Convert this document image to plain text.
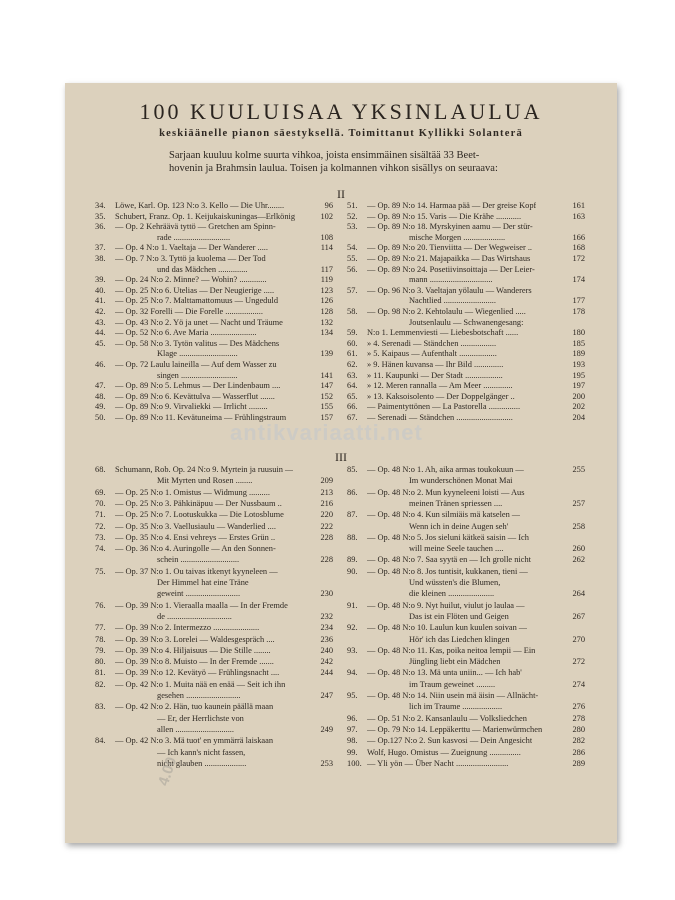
100 KUULUISAA YKSINLAULUA
keskiäänelle pianon säestyksellä. Toimittanut Kyllikki Solanterä
Sarjaan kuuluu kolme suurta vihkoa, joista ensimmäinen sisältää 33 Beet-
hovenin ja Brahmsin laulua. Toisen ja kolmannen vihkon sisällys on seuraava:
II
34. Löwe, Karl. Op. 123 N:o 3. Kello — Die Uhr........	96
35. Schubert, Franz. Op. 1. Keijukaiskuningas—Erlkönig	102
36. — Op. 2 Kehräävä tyttö — Gretchen am Spinn-
rade ...........................	108
37. — Op. 4 N:o 1. Vaeltaja — Der Wanderer .....	114
38. — Op. 7 N:o 3. Tyttö ja kuolema — Der Tod
und das Mädchen ..............	117
39. — Op. 24 N:o 2. Minne? — Wohin? .............	119
40. — Op. 25 N:o 6. Utelias — Der Neugierige .....	123
41. — Op. 25 N:o 7. Malttamattomuus — Ungeduld	126
42. — Op. 32 Forelli — Die Forelle ..................	128
43. — Op. 43 N:o 2. Yö ja unet — Nacht und Träume	132
44. — Op. 52 N:o 6. Ave Maria ......................	134
45. — Op. 58 N:o 3. Tytön valitus — Des Mädchens
Klage ............................	139
46. — Op. 72 Laulu laineilla — Auf dem Wasser zu
singen ...........................	141
47. — Op. 89 N:o 5. Lehmus — Der Lindenbaum ....	147
48. — Op. 89 N:o 6. Kevättulva — Wasserflut .......	152
49. — Op. 89 N:o 9. Virvaliekki — Irrlicht .........	155
50. — Op. 89 N:o 11. Kevätuneima — Frühlingstraum	157
51. — Op. 89 N:o 14. Harmaa pää — Der greise Kopf	161
52. — Op. 89 N:o 15. Varis — Die Krähe ............	163
53. — Op. 89 N:o 18. Myrskyinen aamu — Der stür-
mische Morgen ....................	166
54. — Op. 89 N:o 20. Tienviitta — Der Wegweiser ..	168
55. — Op. 89 N:o 21. Majapaikka — Das Wirtshaus	172
56. — Op. 89 N:o 24. Posetiivinsoittaja — Der Leier-
mann ..............................	174
57. — Op. 96 N:o 3. Vaeltajan yölaulu — Wanderers
Nachtlied .........................	177
58. — Op. 98 N:o 2. Kehtolaulu — Wiegenlied .....	178
Joutsenlaulu — Schwanengesang:
59. N:o 1. Lemmenviesti — Liebesbotschaft ......	180
60. » 4. Serenadi — Ständchen .................	185
61. » 5. Kaipaus — Aufenthalt ..................	189
62. » 9. Hänen kuvansa — Ihr Bild ..............	193
63. » 11. Kaupunki — Der Stadt ..................	195
64. » 12. Meren rannalla — Am Meer ..............	197
65. » 13. Kaksoisolento — Der Doppelgänger ..	200
66. — Paimentyttönen — La Pastorella ...............	202
67. — Serenadi — Ständchen ...........................	204
III
68. Schumann, Rob. Op. 24 N:o 9. Myrtein ja ruusuin —
Mit Myrten und Rosen ........	209
69. — Op. 25 N:o 1. Omistus — Widmung ..........	213
70. — Op. 25 N:o 3. Pähkinäpuu — Der Nussbaum ..	216
71. — Op. 25 N:o 7. Lootuskukka — Die Lotosblume	220
72. — Op. 35 N:o 3. Vaellusiaulu — Wanderlied ....	222
73. — Op. 35 N:o 4. Ensi vehreys — Erstes Grün ..	228
74. — Op. 36 N:o 4. Auringolle — An den Sonnen-
schein ............................	228
75. — Op. 37 N:o 1. Ou taivas itkenyt kyyneleen —
Der Himmel hat eine Träne
geweint ..........................	230
76. — Op. 39 N:o 1. Vieraalla maalla — In der Fremde
de ...............................	232
77. — Op. 39 N:o 2. Intermezzo ......................	234
78. — Op. 39 N:o 3. Lorelei — Waldesgespräch ....	236
79. — Op. 39 N:o 4. Hiljaisuus — Die Stille ........	240
80. — Op. 39 N:o 8. Muisto — In der Fremde .......	242
81. — Op. 39 N:o 12. Kevätyö — Frühlingsnacht ....	244
82. — Op. 42 N:o 1. Muita nää en enää — Seit ich ihn
gesehen ..........................	247
83. — Op. 42 N:o 2. Hän, tuo kaunein päällä maan
— Er, der Herrlichste von
allen ............................	249
84. — Op. 42 N:o 3. Mä tuot' en ymmärrä laiskaan
— Ich kann's nicht fassen,
nicht glauben ....................	253
85. — Op. 48 N:o 1. Ah, aika armas toukokuun —	255
Im wunderschönen Monat Mai
86. — Op. 48 N:o 2. Mun kyyneleeni loisti — Aus
meinen Tränen spriessen ....	257
87. — Op. 48 N:o 4. Kun silmiäis mä katselen —
Wenn ich in deine Augen seh'	258
88. — Op. 48 N:o 5. Jos sieluni kätkeä saisin — Ich
will meine Seele tauchen ....	260
89. — Op. 48 N:o 7. Saa syytä en — Ich grolle nicht	262
90. — Op. 48 N:o 8. Jos tuntisit, kukkanen, tieni —
Und wüssten's die Blumen,
die kleinen ......................	264
91. — Op. 48 N:o 9. Nyt huilut, viulut jo laulaa —
Das ist ein Flöten und Geigen	267
92. — Op. 48 N:o 10. Laulun kun kuulen soivan —
Hör' ich das Liedchen klingen	270
93. — Op. 48 N:o 11. Kas, poika neitoa lempii — Ein
Jüngling liebt ein Mädchen	272
94. — Op. 48 N:o 13. Mä unta uniin... — Ich hab'
im Traum geweinet .........	274
95. — Op. 48 N:o 14. Niin usein mä äisin — Allnächt-
lich im Traume ...................	276
96. — Op. 51 N:o 2. Kansanlaulu — Volksliedchen	278
97. — Op. 79 N:o 14. Leppäkerttu — Marienwürmchen	280
98. — Op.127 N:o 2. Sun kasvosi — Dein Angesicht	282
99. Wolf, Hugo. Omistus — Zueignung ...............	286
100. — Yli yön — Über Nacht .........................	289
antikvariaatti.net
4.00
